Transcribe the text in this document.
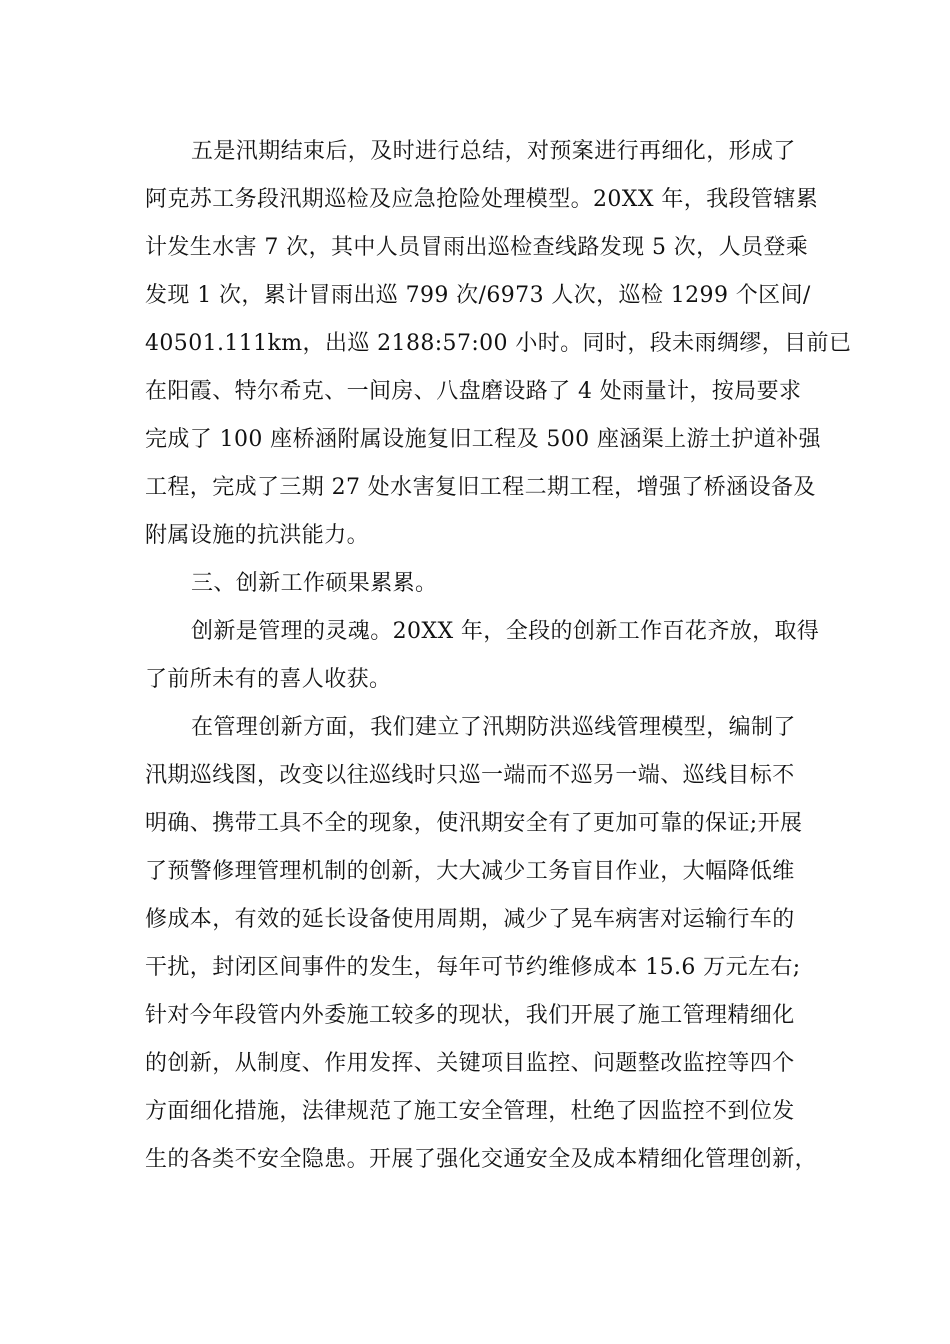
五是汛期结束后，及时进行总结，对预案进行再细化，形成了
阿克苏工务段汛期巡检及应急抢险处理模型。20XX 年，我段管辖累
计发生水害 7 次，其中人员冒雨出巡检查线路发现 5 次，人员登乘
发现 1 次，累计冒雨出巡 799 次/6973 人次，巡检 1299 个区间/
40501.111km，出巡 2188:57:00 小时。同时，段未雨绸缪，目前已
在阳霞、特尔希克、一间房、八盘磨设路了 4 处雨量计，按局要求
完成了 100 座桥涵附属设施复旧工程及 500 座涵渠上游土护道补强
工程，完成了三期 27 处水害复旧工程二期工程，增强了桥涵设备及
附属设施的抗洪能力。
三、创新工作硕果累累。
创新是管理的灵魂。20XX 年，全段的创新工作百花齐放，取得
了前所未有的喜人收获。
在管理创新方面，我们建立了汛期防洪巡线管理模型，编制了
汛期巡线图，改变以往巡线时只巡一端而不巡另一端、巡线目标不
明确、携带工具不全的现象，使汛期安全有了更加可靠的保证;开展
了预警修理管理机制的创新，大大减少工务盲目作业，大幅降低维
修成本，有效的延长设备使用周期，减少了晃车病害对运输行车的
干扰，封闭区间事件的发生，每年可节约维修成本 15.6 万元左右;
针对今年段管内外委施工较多的现状，我们开展了施工管理精细化
的创新，从制度、作用发挥、关键项目监控、问题整改监控等四个
方面细化措施，法律规范了施工安全管理，杜绝了因监控不到位发
生的各类不安全隐患。开展了强化交通安全及成本精细化管理创新，
